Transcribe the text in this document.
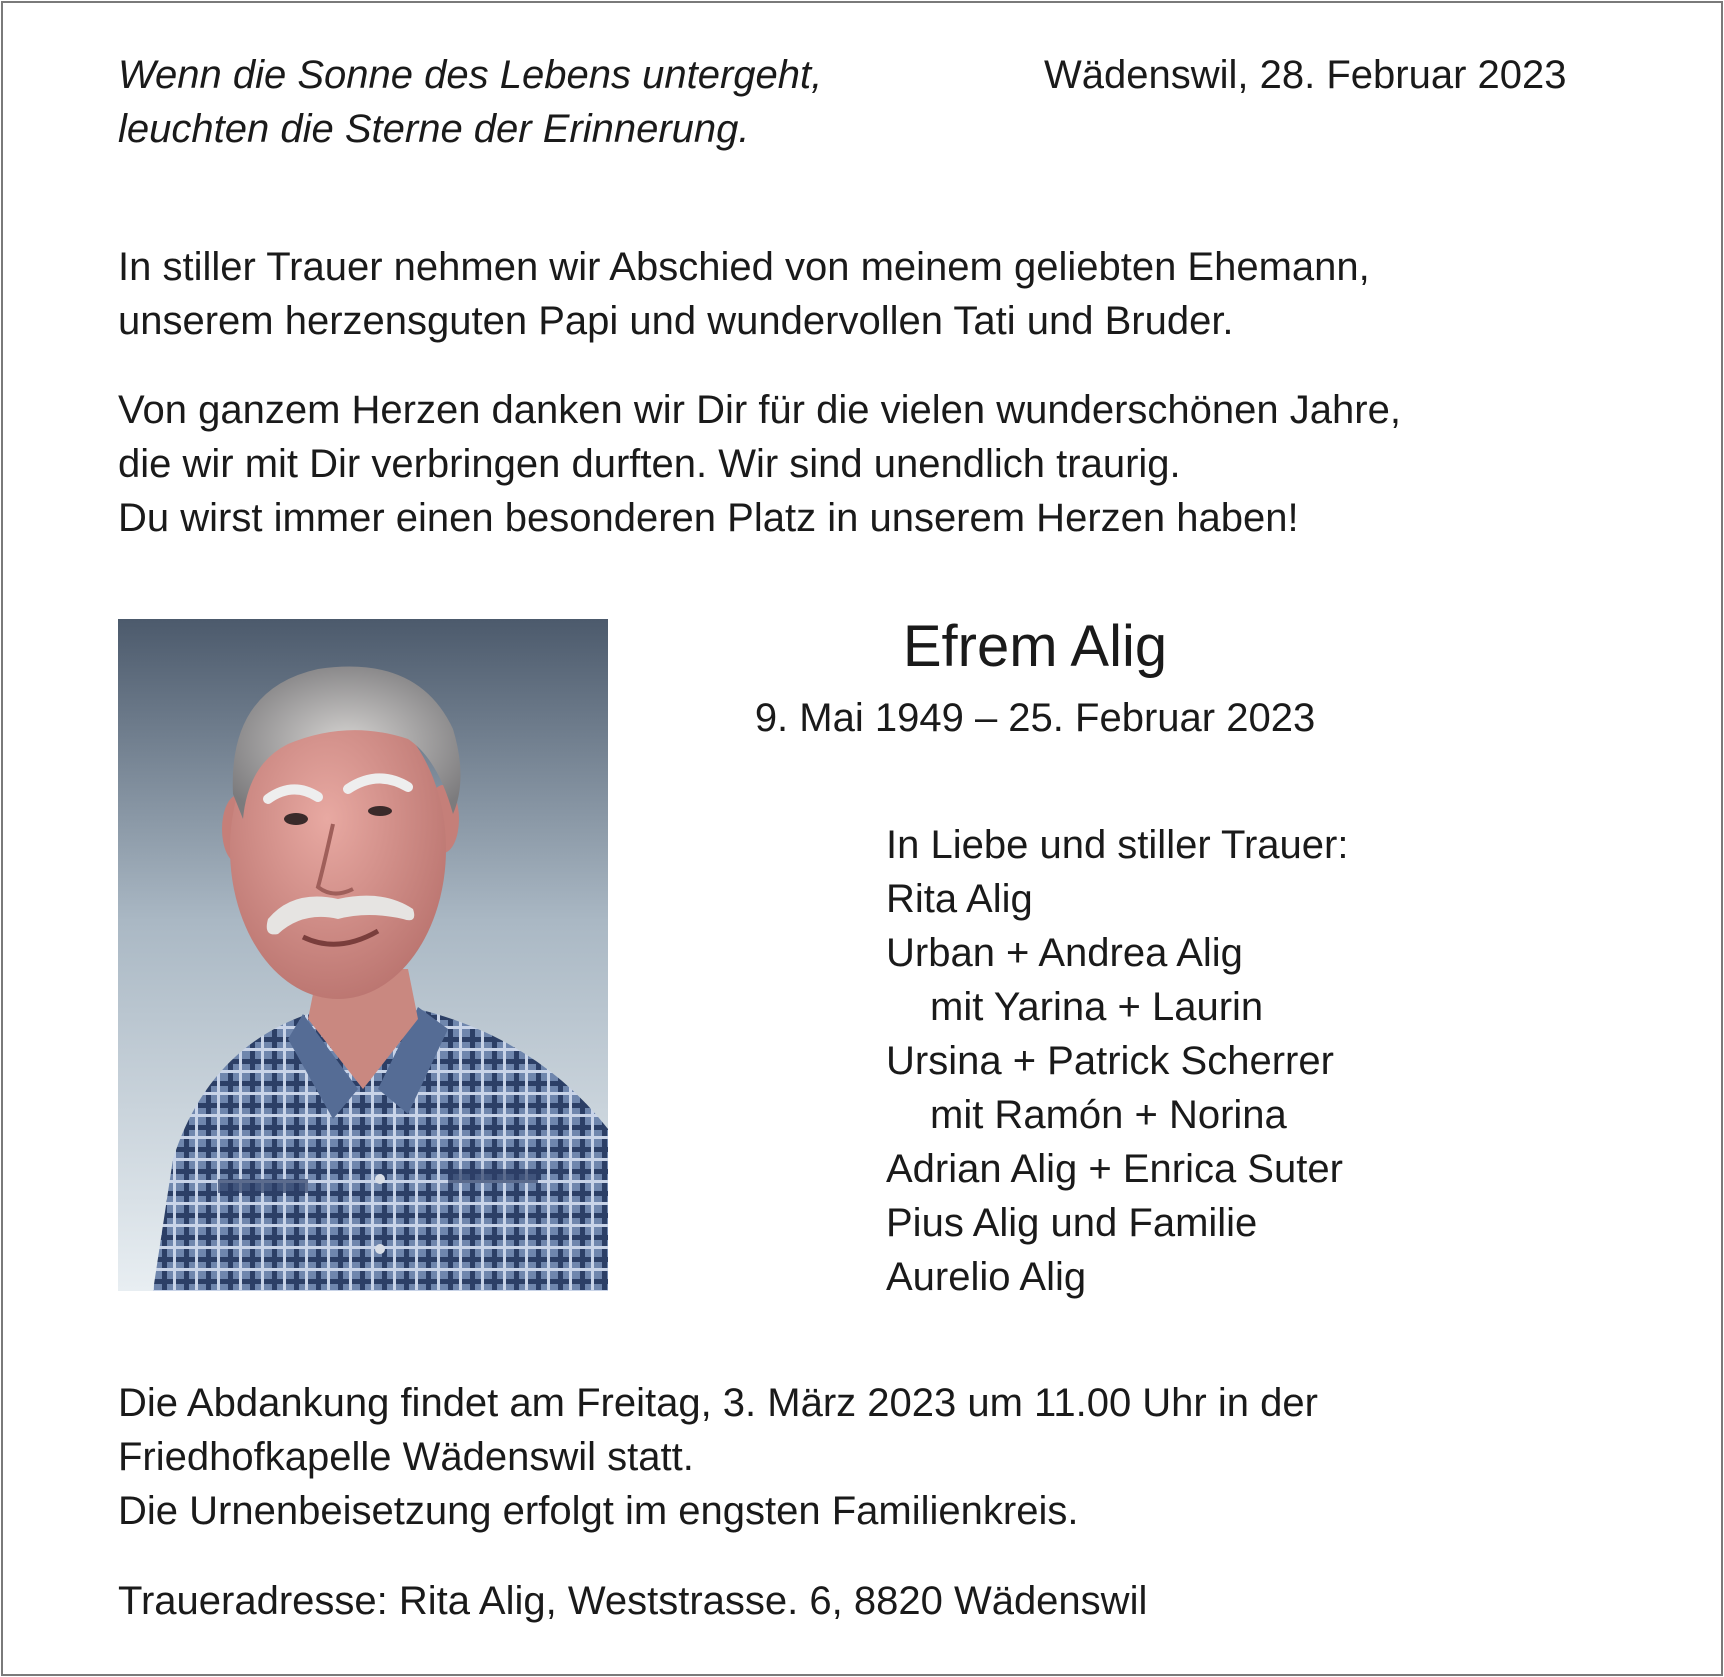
Wenn die Sonne des Lebens untergeht,
leuchten die Sterne der Erinnerung.
Wädenswil, 28. Februar 2023
In stiller Trauer nehmen wir Abschied von meinem geliebten Ehemann,
unserem herzensguten Papi und wundervollen Tati und Bruder.
Von ganzem Herzen danken wir Dir für die vielen wunderschönen Jahre,
die wir mit Dir verbringen durften. Wir sind unendlich traurig.
Du wirst immer einen besonderen Platz in unserem Herzen haben!
Efrem Alig
9. Mai 1949 – 25. Februar 2023
In Liebe und stiller Trauer:
Rita Alig
Urban + Andrea Alig
mit Yarina + Laurin
Ursina + Patrick Scherrer
mit Ramón + Norina
Adrian Alig + Enrica Suter
Pius Alig und Familie
Aurelio Alig
Die Abdankung findet am Freitag, 3. März 2023 um 11.00 Uhr in der
Friedhofkapelle Wädenswil statt.
Die Urnenbeisetzung erfolgt im engsten Familienkreis.
Traueradresse: Rita Alig, Weststrasse. 6, 8820 Wädenswil
